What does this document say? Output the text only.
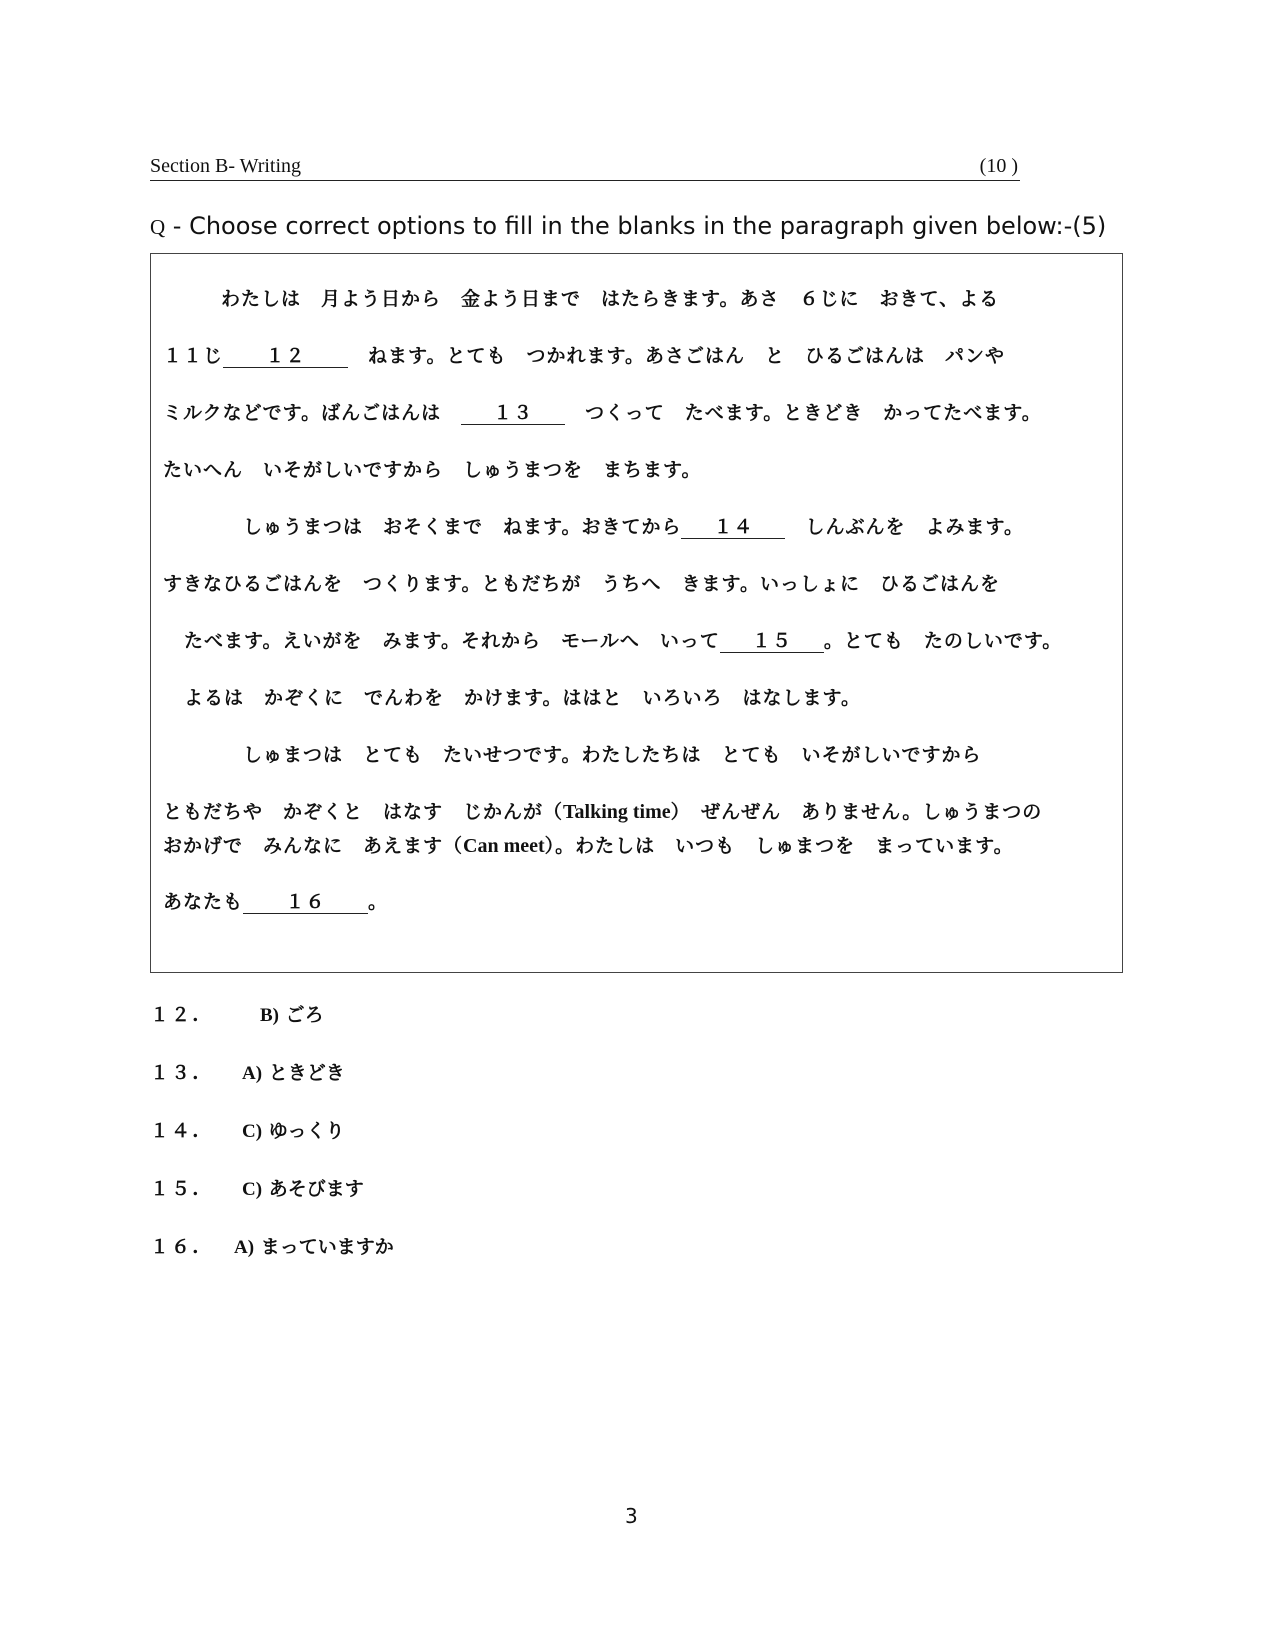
Section B- Writing	(10 )
Q - Choose correct options to fill in the blanks in the paragraph given below:-(5)
わたしは　月よう日から　金よう日まで　はたらきます。あさ　６じに　おきて、よる
１１じ １２　ねます。とても　つかれます。あさごはん　と　ひるごはんは　パンや
ミルクなどです。ばんごはんは　１３　つくって　たべます。ときどき　かってたべます。
たいへん　いそがしいですから　しゅうまつを　まちます。
しゅうまつは　おそくまで　ねます。おきてから １４　しんぶんを　よみます。
すきなひるごはんを　つくります。ともだちが　うちへ　きます。いっしょに　ひるごはんを
たべます。えいがを　みます。それから　モールへ　いって １５ 。とても　たのしいです。
よるは　かぞくに　でんわを　かけます。ははと　いろいろ　はなします。
しゅまつは　とても　たいせつです。わたしたちは　とても　いそがしいですから
ともだちや　かぞくと　はなす　じかんが（Talking time）　ぜんぜん　ありません。しゅうまつの
おかげで　みんなに　あえます（Can meet）。わたしは　いつも　しゅまつを　まっています。
あなたも １６ 。
１２.	B) ごろ
１３. A) ときどき
１４. C) ゆっくり
１５. C) あそびます
１６. A) まっていますか
3
